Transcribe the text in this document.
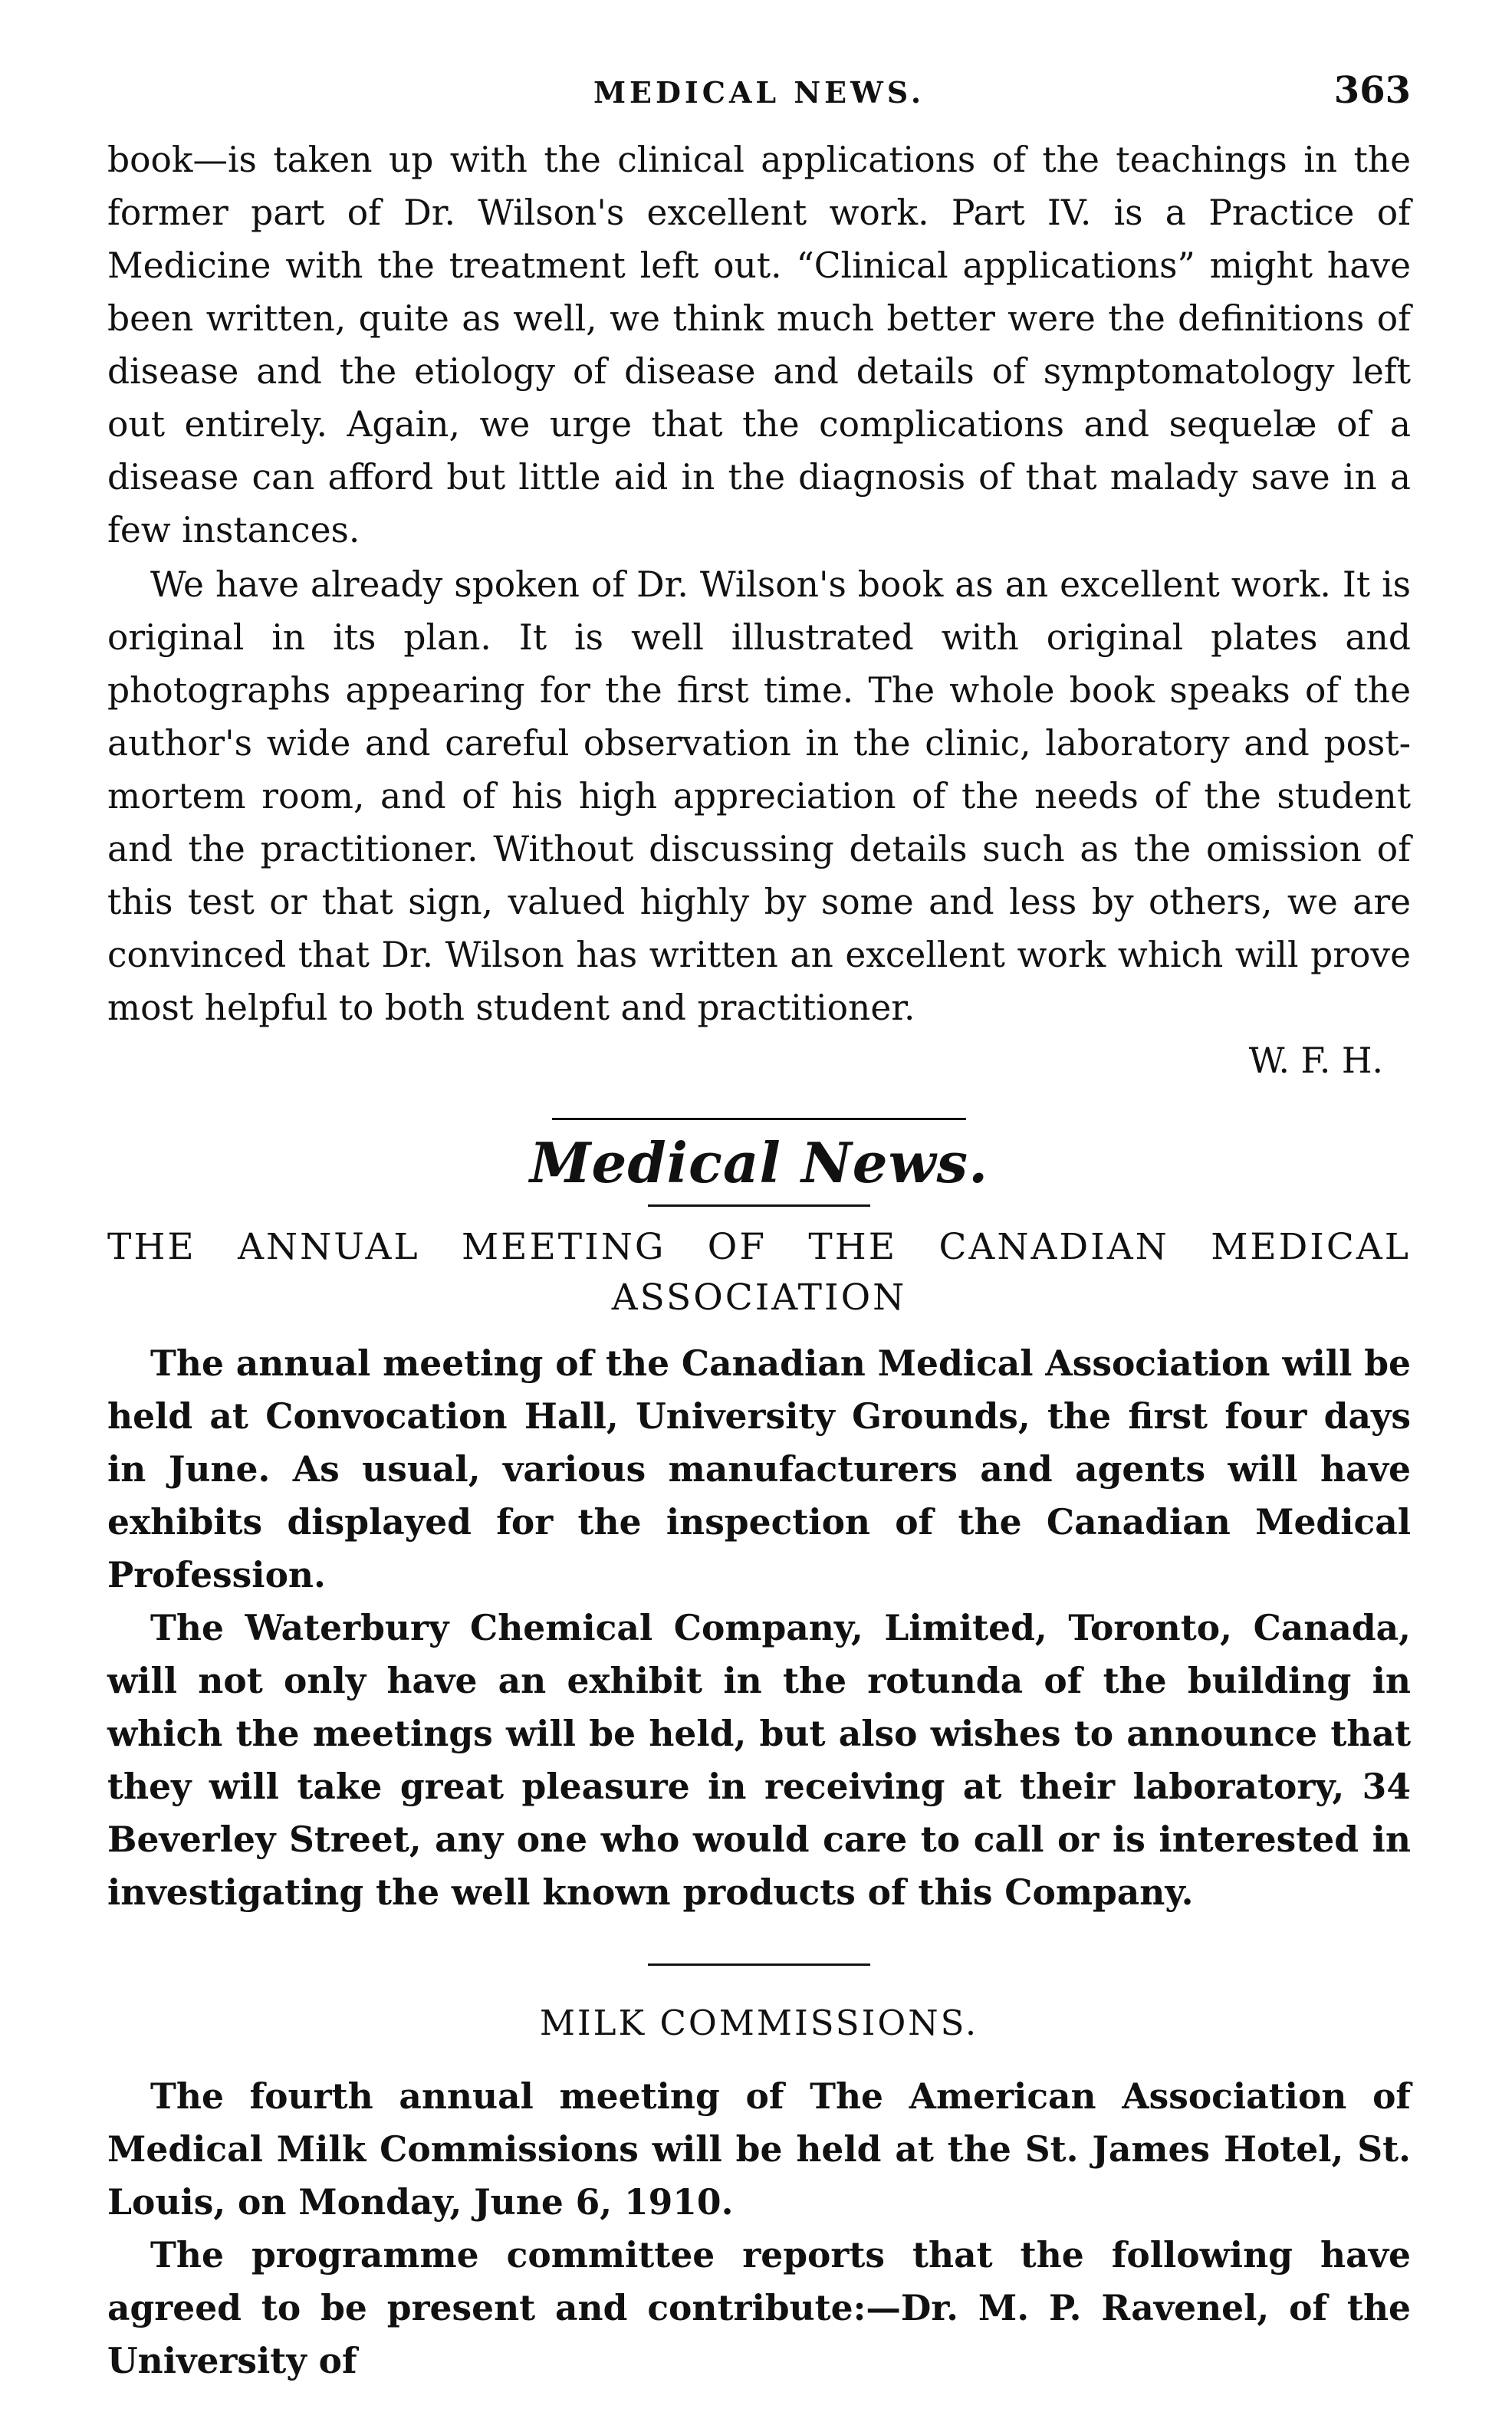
MEDICAL NEWS.	363

book—is taken up with the clinical applications of the teachings in the former part of Dr. Wilson's excellent work. Part IV. is a Practice of Medicine with the treatment left out. “Clinical applications” might have been written, quite as well, we think much better were the definitions of disease and the etiology of disease and details of symptomatology left out entirely. Again, we urge that the complications and sequelæ of a disease can afford but little aid in the diagnosis of that malady save in a few instances.

We have already spoken of Dr. Wilson's book as an excellent work. It is original in its plan. It is well illustrated with original plates and photographs appearing for the first time. The whole book speaks of the author's wide and careful observation in the clinic, laboratory and post-mortem room, and of his high appreciation of the needs of the student and the practitioner. Without discussing details such as the omission of this test or that sign, valued highly by some and less by others, we are convinced that Dr. Wilson has written an excellent work which will prove most helpful to both student and practitioner.

W. F. H.
Medical News.
THE ANNUAL MEETING OF THE CANADIAN MEDICAL
ASSOCIATION

The annual meeting of the Canadian Medical Association will be held at Convocation Hall, University Grounds, the first four days in June. As usual, various manufacturers and agents will have exhibits displayed for the inspection of the Canadian Medical Profession.

The Waterbury Chemical Company, Limited, Toronto, Canada, will not only have an exhibit in the rotunda of the building in which the meetings will be held, but also wishes to announce that they will take great pleasure in receiving at their laboratory, 34 Beverley Street, any one who would care to call or is interested in investigating the well known products of this Company.

MILK COMMISSIONS.

The fourth annual meeting of The American Association of Medical Milk Commissions will be held at the St. James Hotel, St. Louis, on Monday, June 6, 1910.

The programme committee reports that the following have agreed to be present and contribute:—Dr. M. P. Ravenel, of the University of
